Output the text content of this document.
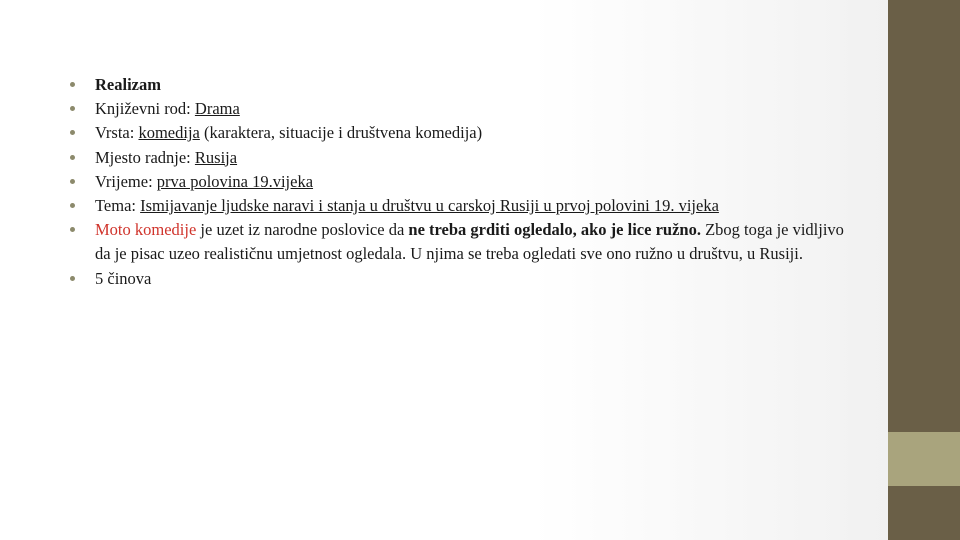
Realizam
Književni rod: Drama
Vrsta: komedija (karaktera, situacije i društvena komedija)
Mjesto radnje: Rusija
Vrijeme: prva polovina 19.vijeka
Tema: Ismijavanje ljudske naravi i stanja u društvu u carskoj Rusiji u prvoj polovini 19. vijeka
Moto komedije je uzet iz narodne poslovice da ne treba grditi ogledalo, ako je lice ružno. Zbog toga je vidljivo da je pisac uzeo realističnu umjetnost ogledala. U njima se treba ogledati sve ono ružno u društvu, u Rusiji.
5 činova
